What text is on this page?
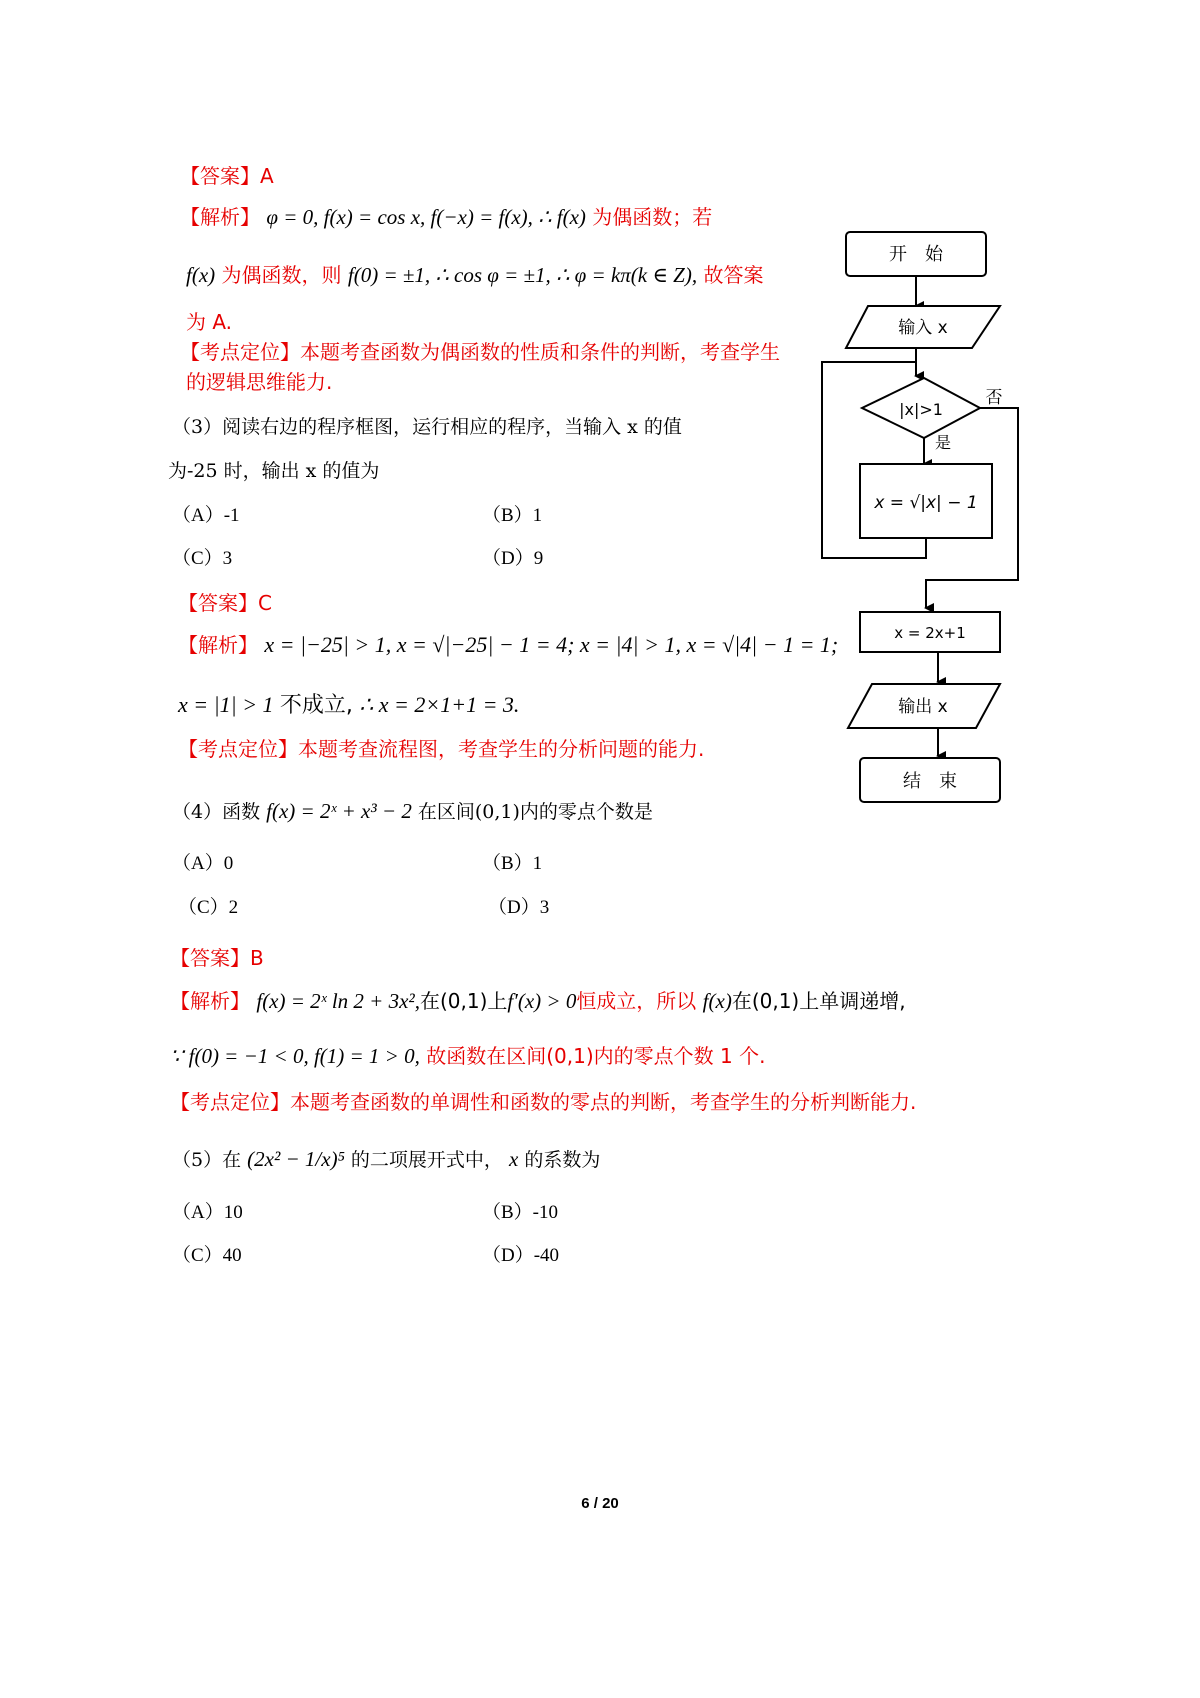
【答案】A
【解析】 φ = 0, f(x) = cos x, f(−x) = f(x), ∴ f(x) 为偶函数；若
f(x) 为偶函数，则 f(0) = ±1, ∴ cos φ = ±1, ∴ φ = kπ(k ∈ Z), 故答案
为 A.
【考点定位】本题考查函数为偶函数的性质和条件的判断，考查学生
的逻辑思维能力.
（3）阅读右边的程序框图，运行相应的程序，当输入 x 的值
为-25 时，输出 x 的值为
（A）-1	（B）1
（C）3	（D）9
【答案】C
【解析】 x = |−25| > 1, x = √|−25| − 1 = 4; x = |4| > 1, x = √|4| − 1 = 1;
x = |1| > 1 不成立, ∴ x = 2×1+1 = 3.
【考点定位】本题考查流程图，考查学生的分析问题的能力.
开　始
输入 x
|x|>1
否
是
x = √|x| − 1
x = 2x+1
输出 x
结　束
（4）函数 f(x) = 2ˣ + x³ − 2 在区间(0,1)内的零点个数是
（A）0	（B）1
（C）2	（D）3
【答案】B
【解析】 f(x) = 2ˣ ln 2 + 3x²,在(0,1)上f′(x) > 0恒成立，所以 f(x)在(0,1)上单调递增,
∵ f(0) = −1 < 0, f(1) = 1 > 0, 故函数在区间(0,1)内的零点个数 1 个.
【考点定位】本题考查函数的单调性和函数的零点的判断，考查学生的分析判断能力.
（5）在 (2x² − 1/x)⁵ 的二项展开式中， x 的系数为
（A）10	（B）-10
（C）40	（D）-40
6 / 20
